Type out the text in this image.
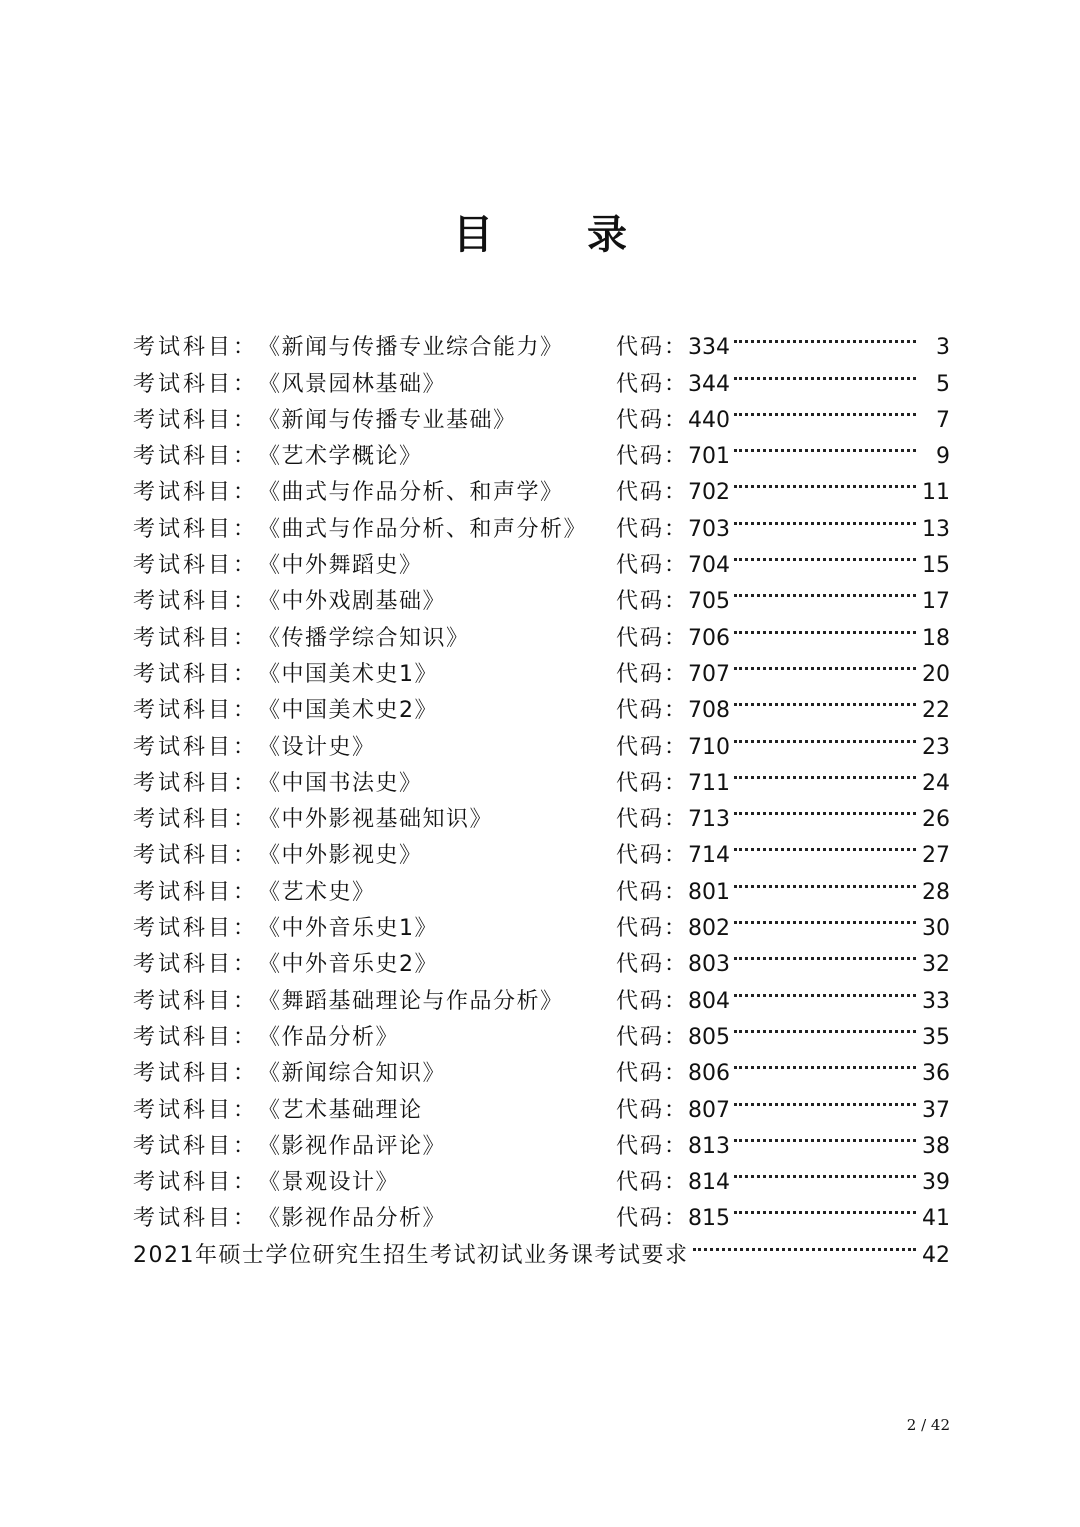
目 录
考试科目： 《新闻与传播专业综合能力》	代码： 334	3
考试科目： 《风景园林基础》	代码： 344	5
考试科目： 《新闻与传播专业基础》	代码： 440	7
考试科目： 《艺术学概论》	代码： 701	9
考试科目： 《曲式与作品分析、和声学》	代码： 702	11
考试科目： 《曲式与作品分析、和声分析》	代码： 703	13
考试科目： 《中外舞蹈史》	代码： 704	15
考试科目： 《中外戏剧基础》	代码： 705	17
考试科目： 《传播学综合知识》	代码： 706	18
考试科目： 《中国美术史1》	代码： 707	20
考试科目： 《中国美术史2》	代码： 708	22
考试科目： 《设计史》	代码： 710	23
考试科目： 《中国书法史》	代码： 711	24
考试科目： 《中外影视基础知识》	代码： 713	26
考试科目： 《中外影视史》	代码： 714	27
考试科目： 《艺术史》	代码： 801	28
考试科目： 《中外音乐史1》	代码： 802	30
考试科目： 《中外音乐史2》	代码： 803	32
考试科目： 《舞蹈基础理论与作品分析》	代码： 804	33
考试科目： 《作品分析》	代码： 805	35
考试科目： 《新闻综合知识》	代码： 806	36
考试科目： 《艺术基础理论	代码： 807	37
考试科目： 《影视作品评论》	代码： 813	38
考试科目： 《景观设计》	代码： 814	39
考试科目： 《影视作品分析》	代码： 815	41
2021年硕士学位研究生招生考试初试业务课考试要求	42
2 / 42
